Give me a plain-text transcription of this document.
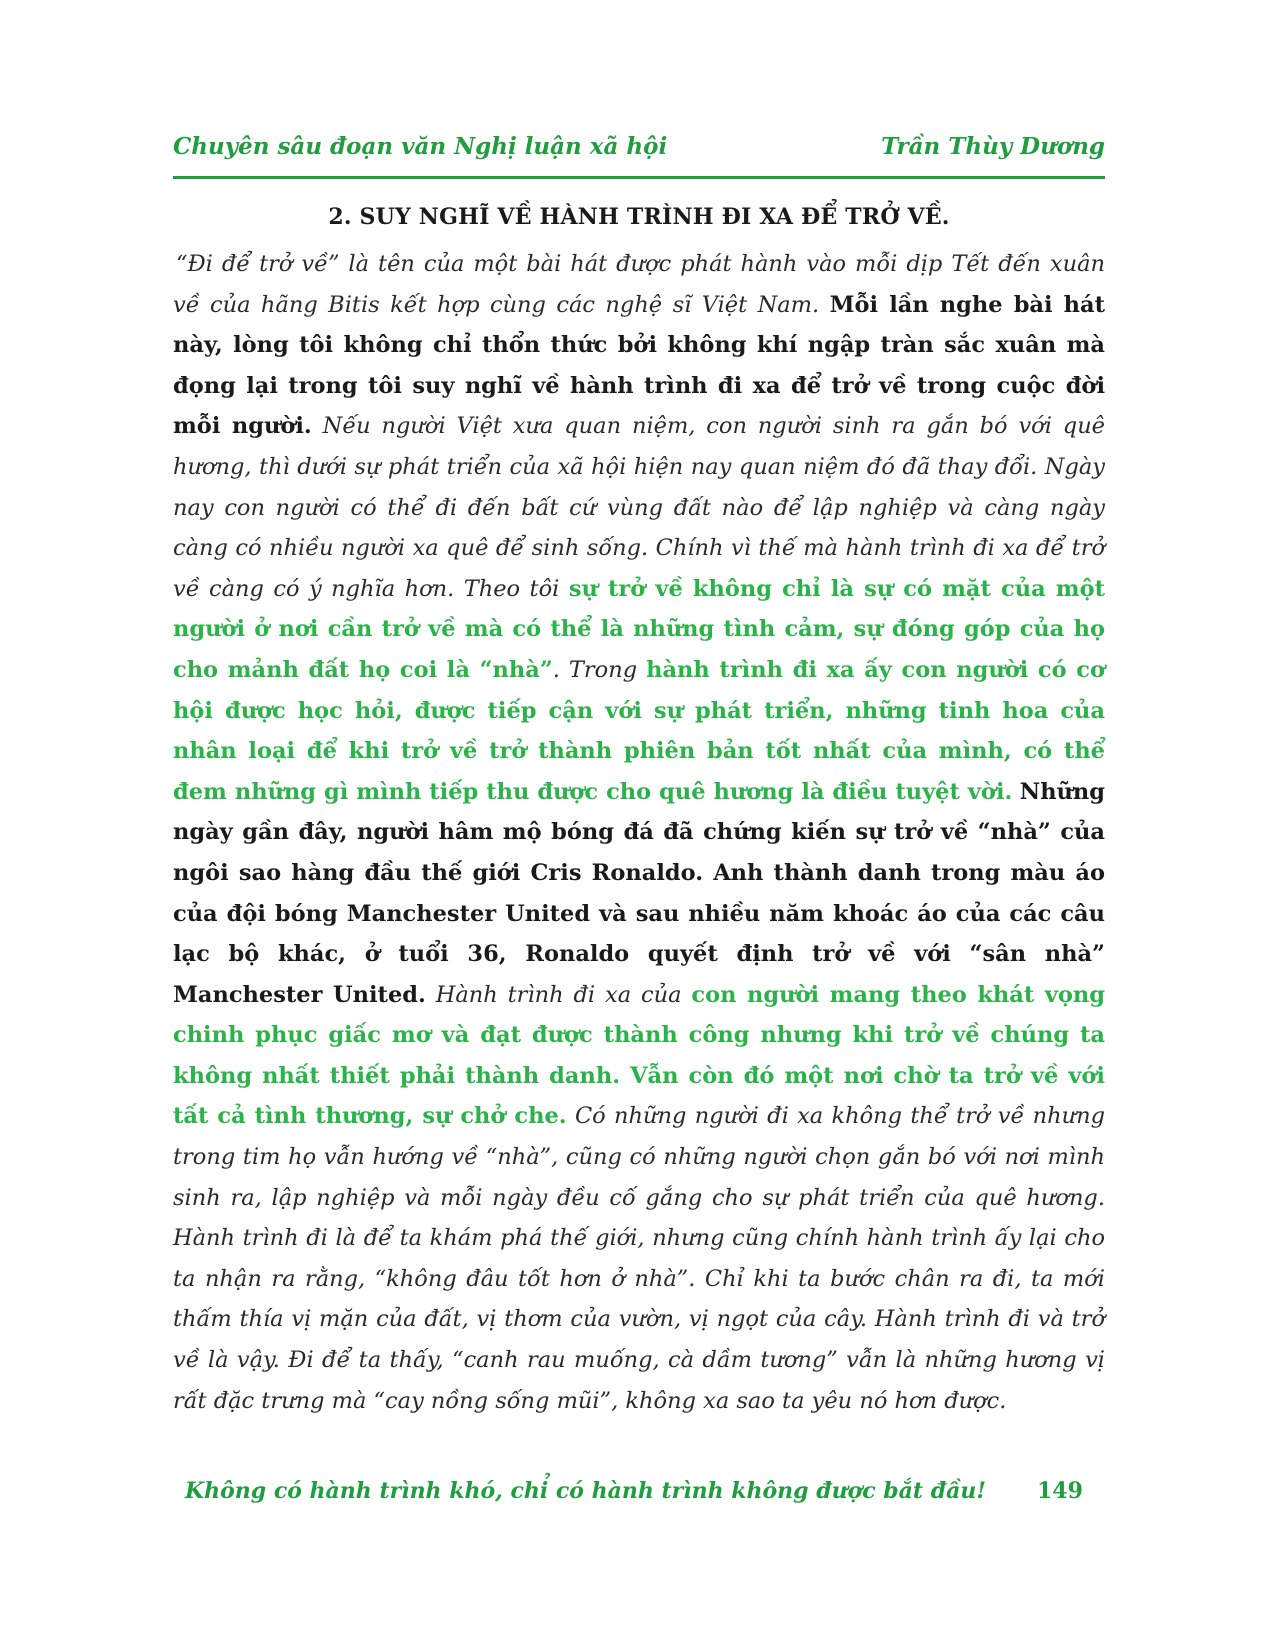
Chuyên sâu đoạn văn Nghị luận xã hội	Trần Thùy Dương
2. SUY NGHĨ VỀ HÀNH TRÌNH ĐI XA ĐỂ TRỞ VỀ.
“Đi để trở về” là tên của một bài hát được phát hành vào mỗi dịp Tết đến xuân về của hãng Bitis kết hợp cùng các nghệ sĩ Việt Nam. Mỗi lần nghe bài hát này, lòng tôi không chỉ thổn thức bởi không khí ngập tràn sắc xuân mà đọng lại trong tôi suy nghĩ về hành trình đi xa để trở về trong cuộc đời mỗi người. Nếu người Việt xưa quan niệm, con người sinh ra gắn bó với quê hương, thì dưới sự phát triển của xã hội hiện nay quan niệm đó đã thay đổi. Ngày nay con người có thể đi đến bất cứ vùng đất nào để lập nghiệp và càng ngày càng có nhiều người xa quê để sinh sống. Chính vì thế mà hành trình đi xa để trở về càng có ý nghĩa hơn. Theo tôi sự trở về không chỉ là sự có mặt của một người ở nơi cần trở về mà có thể là những tình cảm, sự đóng góp của họ cho mảnh đất họ coi là “nhà”. Trong hành trình đi xa ấy con người có cơ hội được học hỏi, được tiếp cận với sự phát triển, những tinh hoa của nhân loại để khi trở về trở thành phiên bản tốt nhất của mình, có thể đem những gì mình tiếp thu được cho quê hương là điều tuyệt vời. Những ngày gần đây, người hâm mộ bóng đá đã chứng kiến sự trở về “nhà” của ngôi sao hàng đầu thế giới Cris Ronaldo. Anh thành danh trong màu áo của đội bóng Manchester United và sau nhiều năm khoác áo của các câu lạc bộ khác, ở tuổi 36, Ronaldo quyết định trở về với “sân nhà” Manchester United. Hành trình đi xa của con người mang theo khát vọng chinh phục giấc mơ và đạt được thành công nhưng khi trở về chúng ta không nhất thiết phải thành danh. Vẫn còn đó một nơi chờ ta trở về với tất cả tình thương, sự chở che. Có những người đi xa không thể trở về nhưng trong tim họ vẫn hướng về “nhà”, cũng có những người chọn gắn bó với nơi mình sinh ra, lập nghiệp và mỗi ngày đều cố gắng cho sự phát triển của quê hương. Hành trình đi là để ta khám phá thế giới, nhưng cũng chính hành trình ấy lại cho ta nhận ra rằng, “không đâu tốt hơn ở nhà”. Chỉ khi ta bước chân ra đi, ta mới thấm thía vị mặn của đất, vị thơm của vườn, vị ngọt của cây. Hành trình đi và trở về là vậy. Đi để ta thấy, “canh rau muống, cà dầm tương” vẫn là những hương vị rất đặc trưng mà “cay nồng sống mũi”, không xa sao ta yêu nó hơn được.
Không có hành trình khó, chỉ có hành trình không được bắt đầu! 149
